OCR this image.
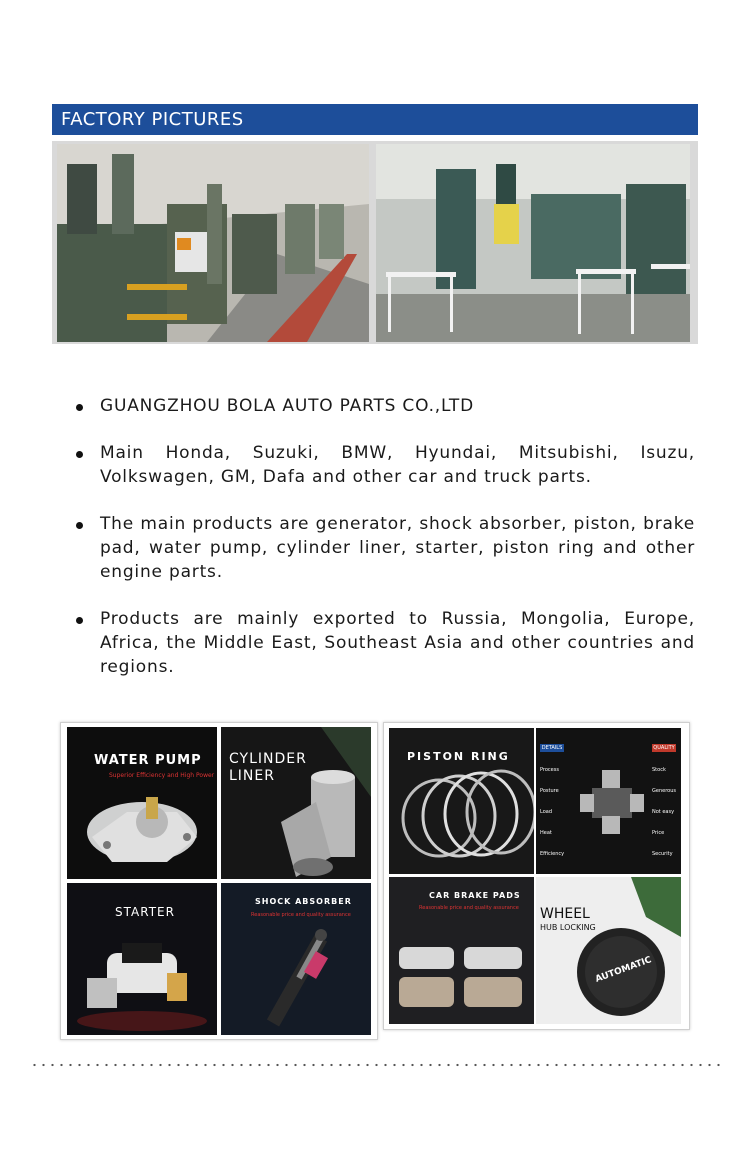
FACTORY PICTURES
GUANGZHOU BOLA AUTO PARTS CO.,LTD
Main Honda, Suzuki, BMW, Hyundai, Mitsubishi, Isuzu, Volkswagen, GM, Dafa and other car and truck parts.
The main products are generator, shock absorber, piston, brake pad, water pump, cylinder liner, starter, piston ring and other engine parts.
Products are mainly exported to Russia, Mongolia, Europe, Africa, the Middle East, Southeast Asia and other countries and regions.
WATER PUMP
Superior Efficiency and High Power
CYLINDER
LINER
STARTER
SHOCK ABSORBER
Reasonable price and quality assurance
PISTON RING
DETAILS	QUALITY
Process
Posture
Load
Heat
Efficiency
Stock
Generous
Not easy
Price
Security
CAR BRAKE PADS
Reasonable price and quality assurance WHEEL
HUB LOCKING
AUTOMATIC
